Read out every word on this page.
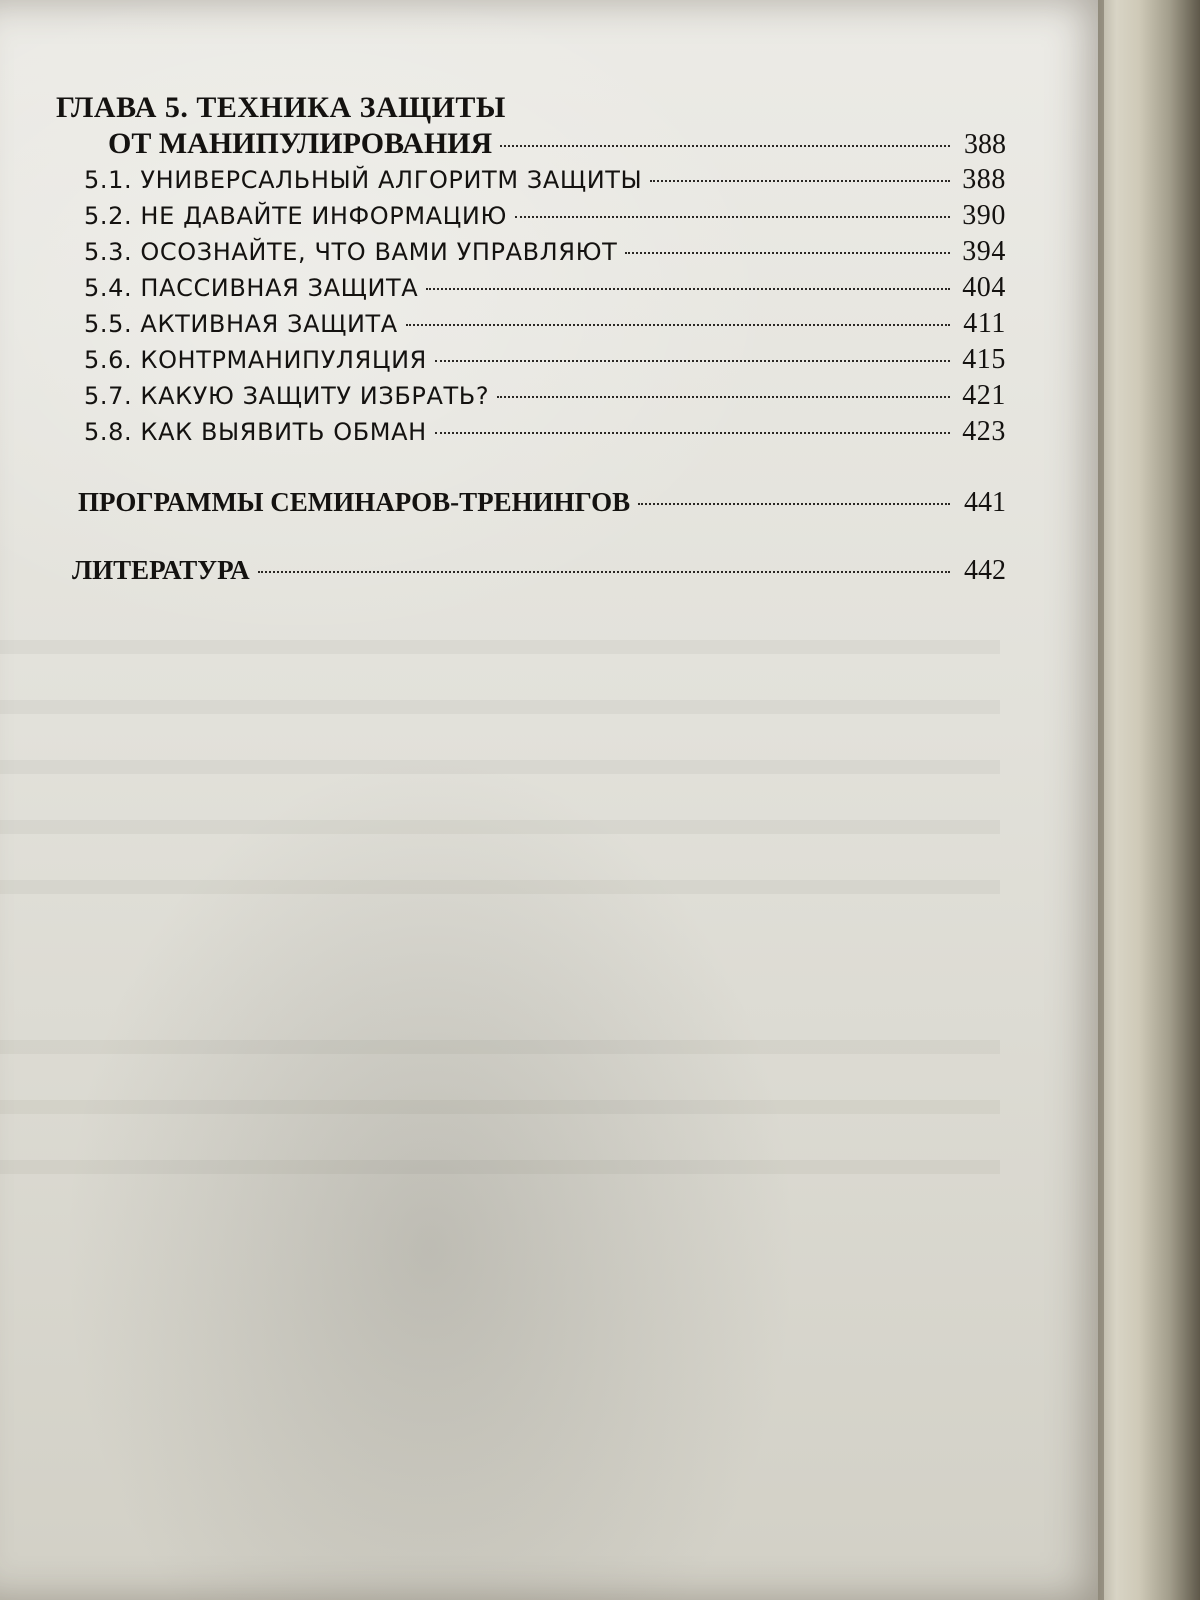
ГЛАВА 5. ТЕХНИКА ЗАЩИТЫ

ОТ МАНИПУЛИРОВАНИЯ	388
5.1. УНИВЕРСАЛЬНЫЙ АЛГОРИТМ ЗАЩИТЫ	388
5.2. НЕ ДАВАЙТЕ ИНФОРМАЦИЮ	390
5.3. ОСОЗНАЙТЕ, ЧТО ВАМИ УПРАВЛЯЮТ	394
5.4. ПАССИВНАЯ ЗАЩИТА	404
5.5. АКТИВНАЯ ЗАЩИТА	411
5.6. КОНТРМАНИПУЛЯЦИЯ	415
5.7. КАКУЮ ЗАЩИТУ ИЗБРАТЬ?	421
5.8. КАК ВЫЯВИТЬ ОБМАН	423
ПРОГРАММЫ СЕМИНАРОВ-ТРЕНИНГОВ	441
ЛИТЕРАТУРА	442
